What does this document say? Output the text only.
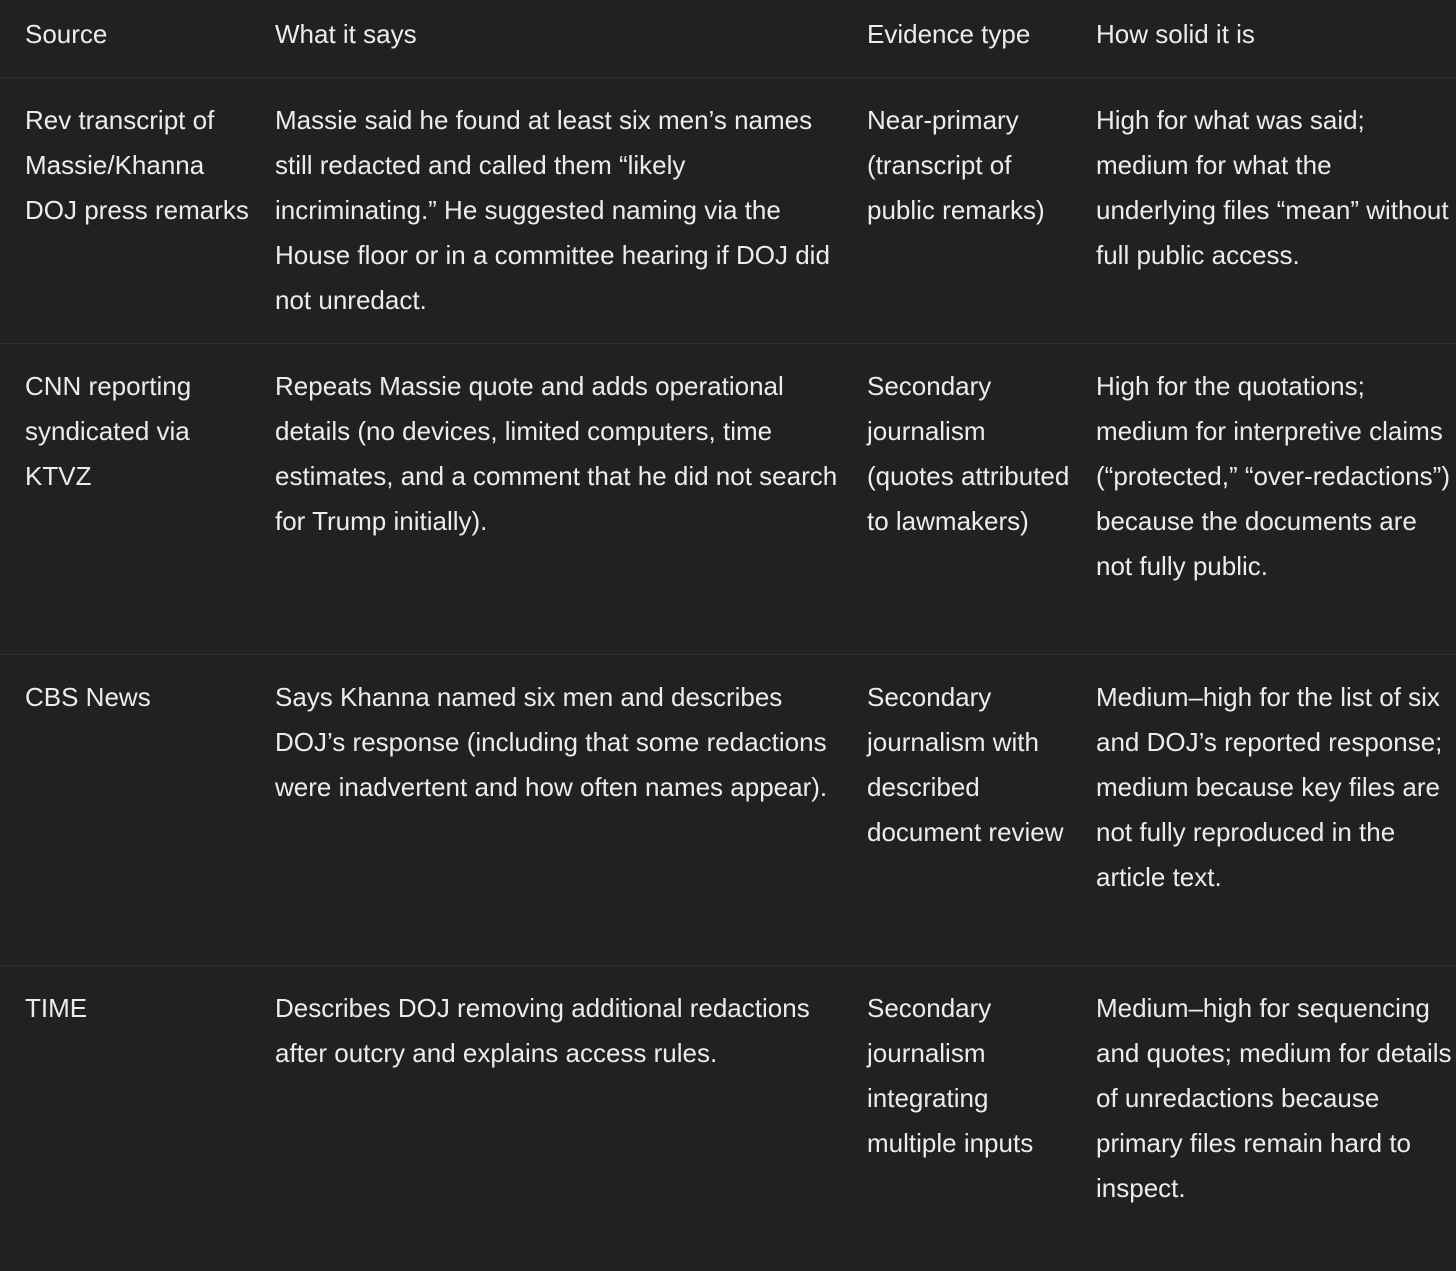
Source	What it says	Evidence type	How solid it is
Rev transcript of Massie/Khanna DOJ press remarks	Massie said he found at least six men’s names still redacted and called them “likely incriminating.” He suggested naming via the House floor or in a committee hearing if DOJ did not unredact.	Near-primary (transcript of public remarks)	High for what was said; medium for what the underlying files “mean” without full public access.
CNN reporting syndicated via KTVZ	Repeats Massie quote and adds operational details (no devices, limited computers, time estimates, and a comment that he did not search for Trump initially).	Secondary journalism (quotes attributed to lawmakers)	High for the quotations; medium for interpretive claims (“protected,” “over-redactions”) because the documents are not fully public.
CBS News	Says Khanna named six men and describes DOJ’s response (including that some redactions were inadvertent and how often names appear).	Secondary journalism with described document review	Medium–high for the list of six and DOJ’s reported response; medium because key files are not fully reproduced in the article text.
TIME	Describes DOJ removing additional redactions after outcry and explains access rules.	Secondary journalism integrating multiple inputs	Medium–high for sequencing and quotes; medium for details of unredactions because primary files remain hard to inspect.
